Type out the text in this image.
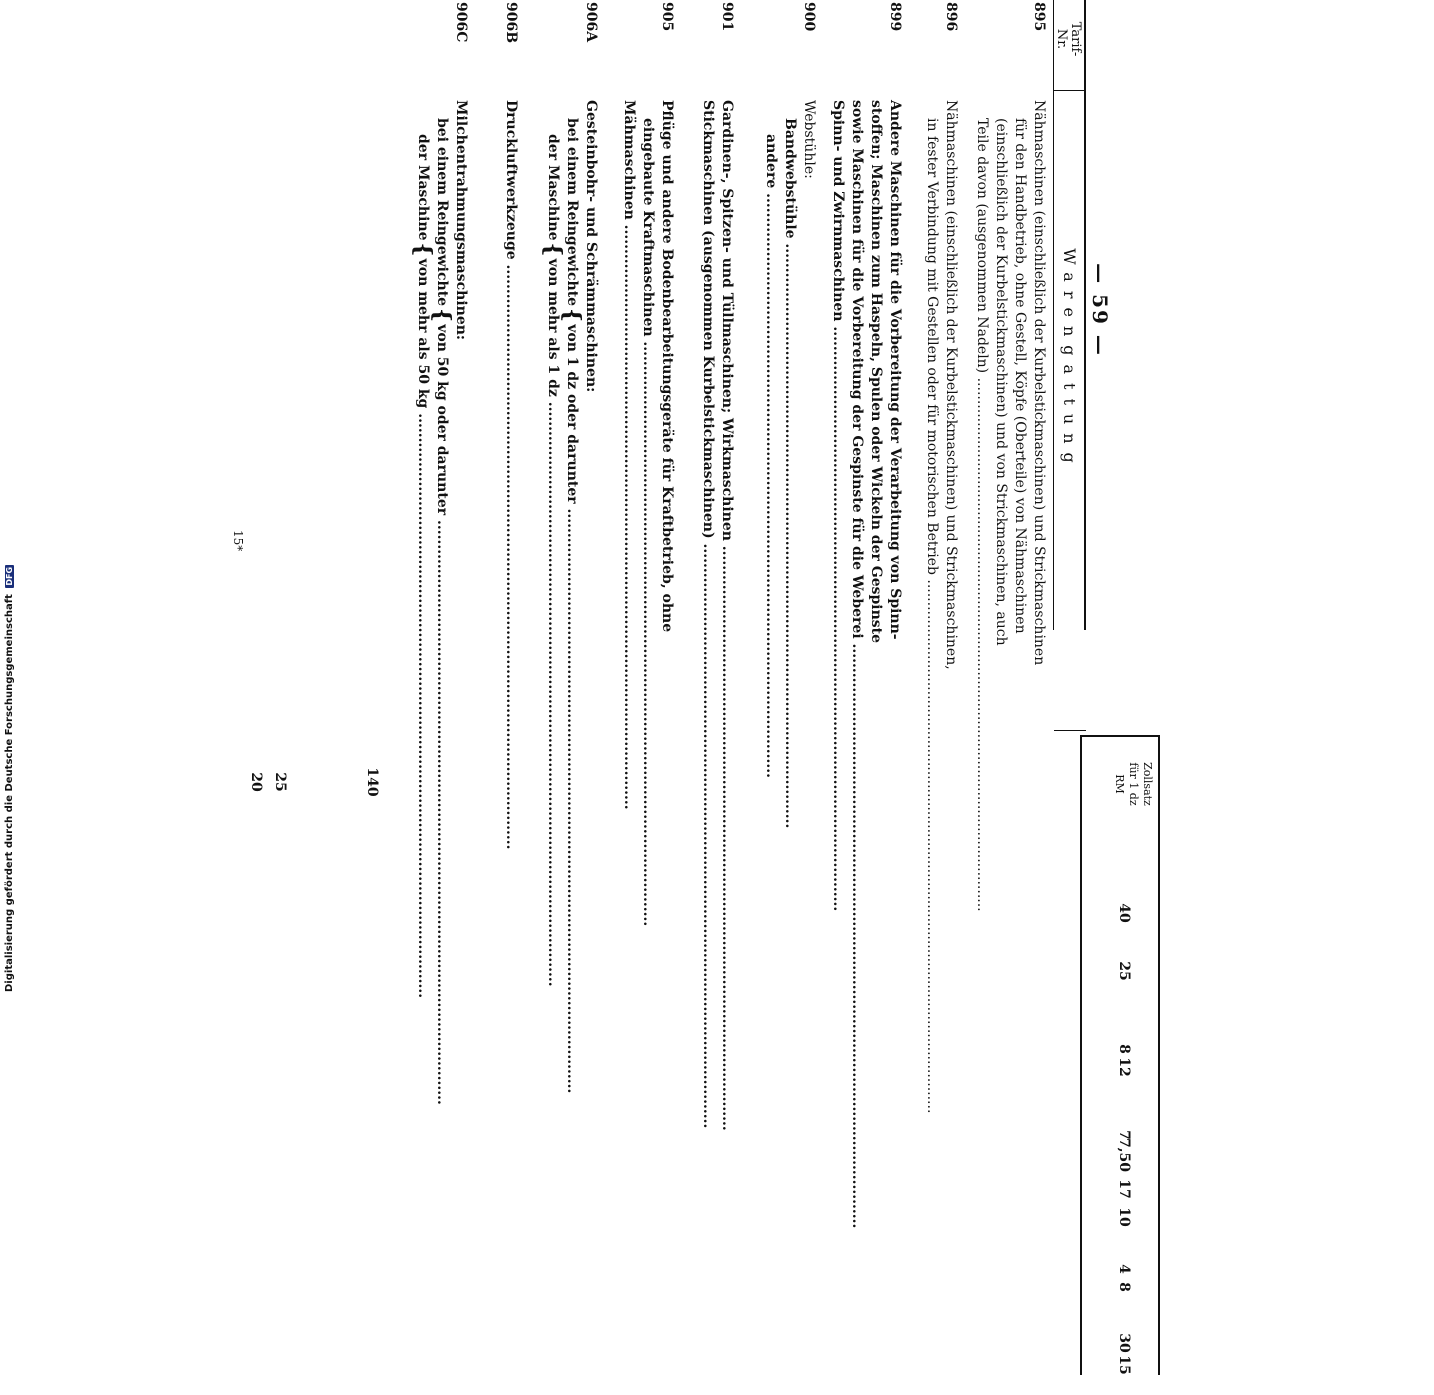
— 59 —
Tarif-
Nr.
Warengattung
895
Nähmaschinen (einschließlich der Kurbelstickmaschinen) und Strickmaschinen
für den Handbetrieb, ohne Gestell, Köpfe (Oberteile) von Nähmaschinen
(einschließlich der Kurbelstickmaschinen) und von Strickmaschinen, auch
Teile davon (ausgenommen Nadeln) .....
896
Nähmaschinen (einschließlich der Kurbelstickmaschinen) und Strickmaschinen,
in fester Verbindung mit Gestellen oder für motorischen Betrieb .....
899
Andere Maschinen für die Vorbereitung der Verarbeitung von Spinn-
stoffen; Maschinen zum Haspeln, Spulen oder Wickeln der Gespinste
sowie Maschinen für die Vorbereitung der Gespinste für die Weberei .....
Spinn- und Zwirnmaschinen .....
900
Webstühle:
Bandwebstühle .....
andere .....
901
Gardinen-, Spitzen- und Tüllmaschinen; Wirkmaschinen .....
Stickmaschinen (ausgenommen Kurbelstickmaschinen) .....
905
Pflüge und andere Bodenbearbeitungsgeräte für Kraftbetrieb, ohne
eingebaute Kraftmaschinen .....
Mähmaschinen .....
906A
Gesteinbohr- und Schrämmaschinen:
bei einem Reingewichte{von 1 dz oder darunter .....
der Maschine{von mehr als 1 dz .....
906B
Druckluftwerkzeuge .....
906C
Milchentrahmungsmaschinen:
bei einem Reingewichte{von 50 kg oder darunter .....
der Maschine{von mehr als 50 kg .....
15*
Zollsatz
für 1 dz
RM
40
25
8
12
7
7,50
17
10
4
8
30
15
140
25
20
Digitalisierung gefördert durch die Deutsche Forschungsgemeinschaft DFG
